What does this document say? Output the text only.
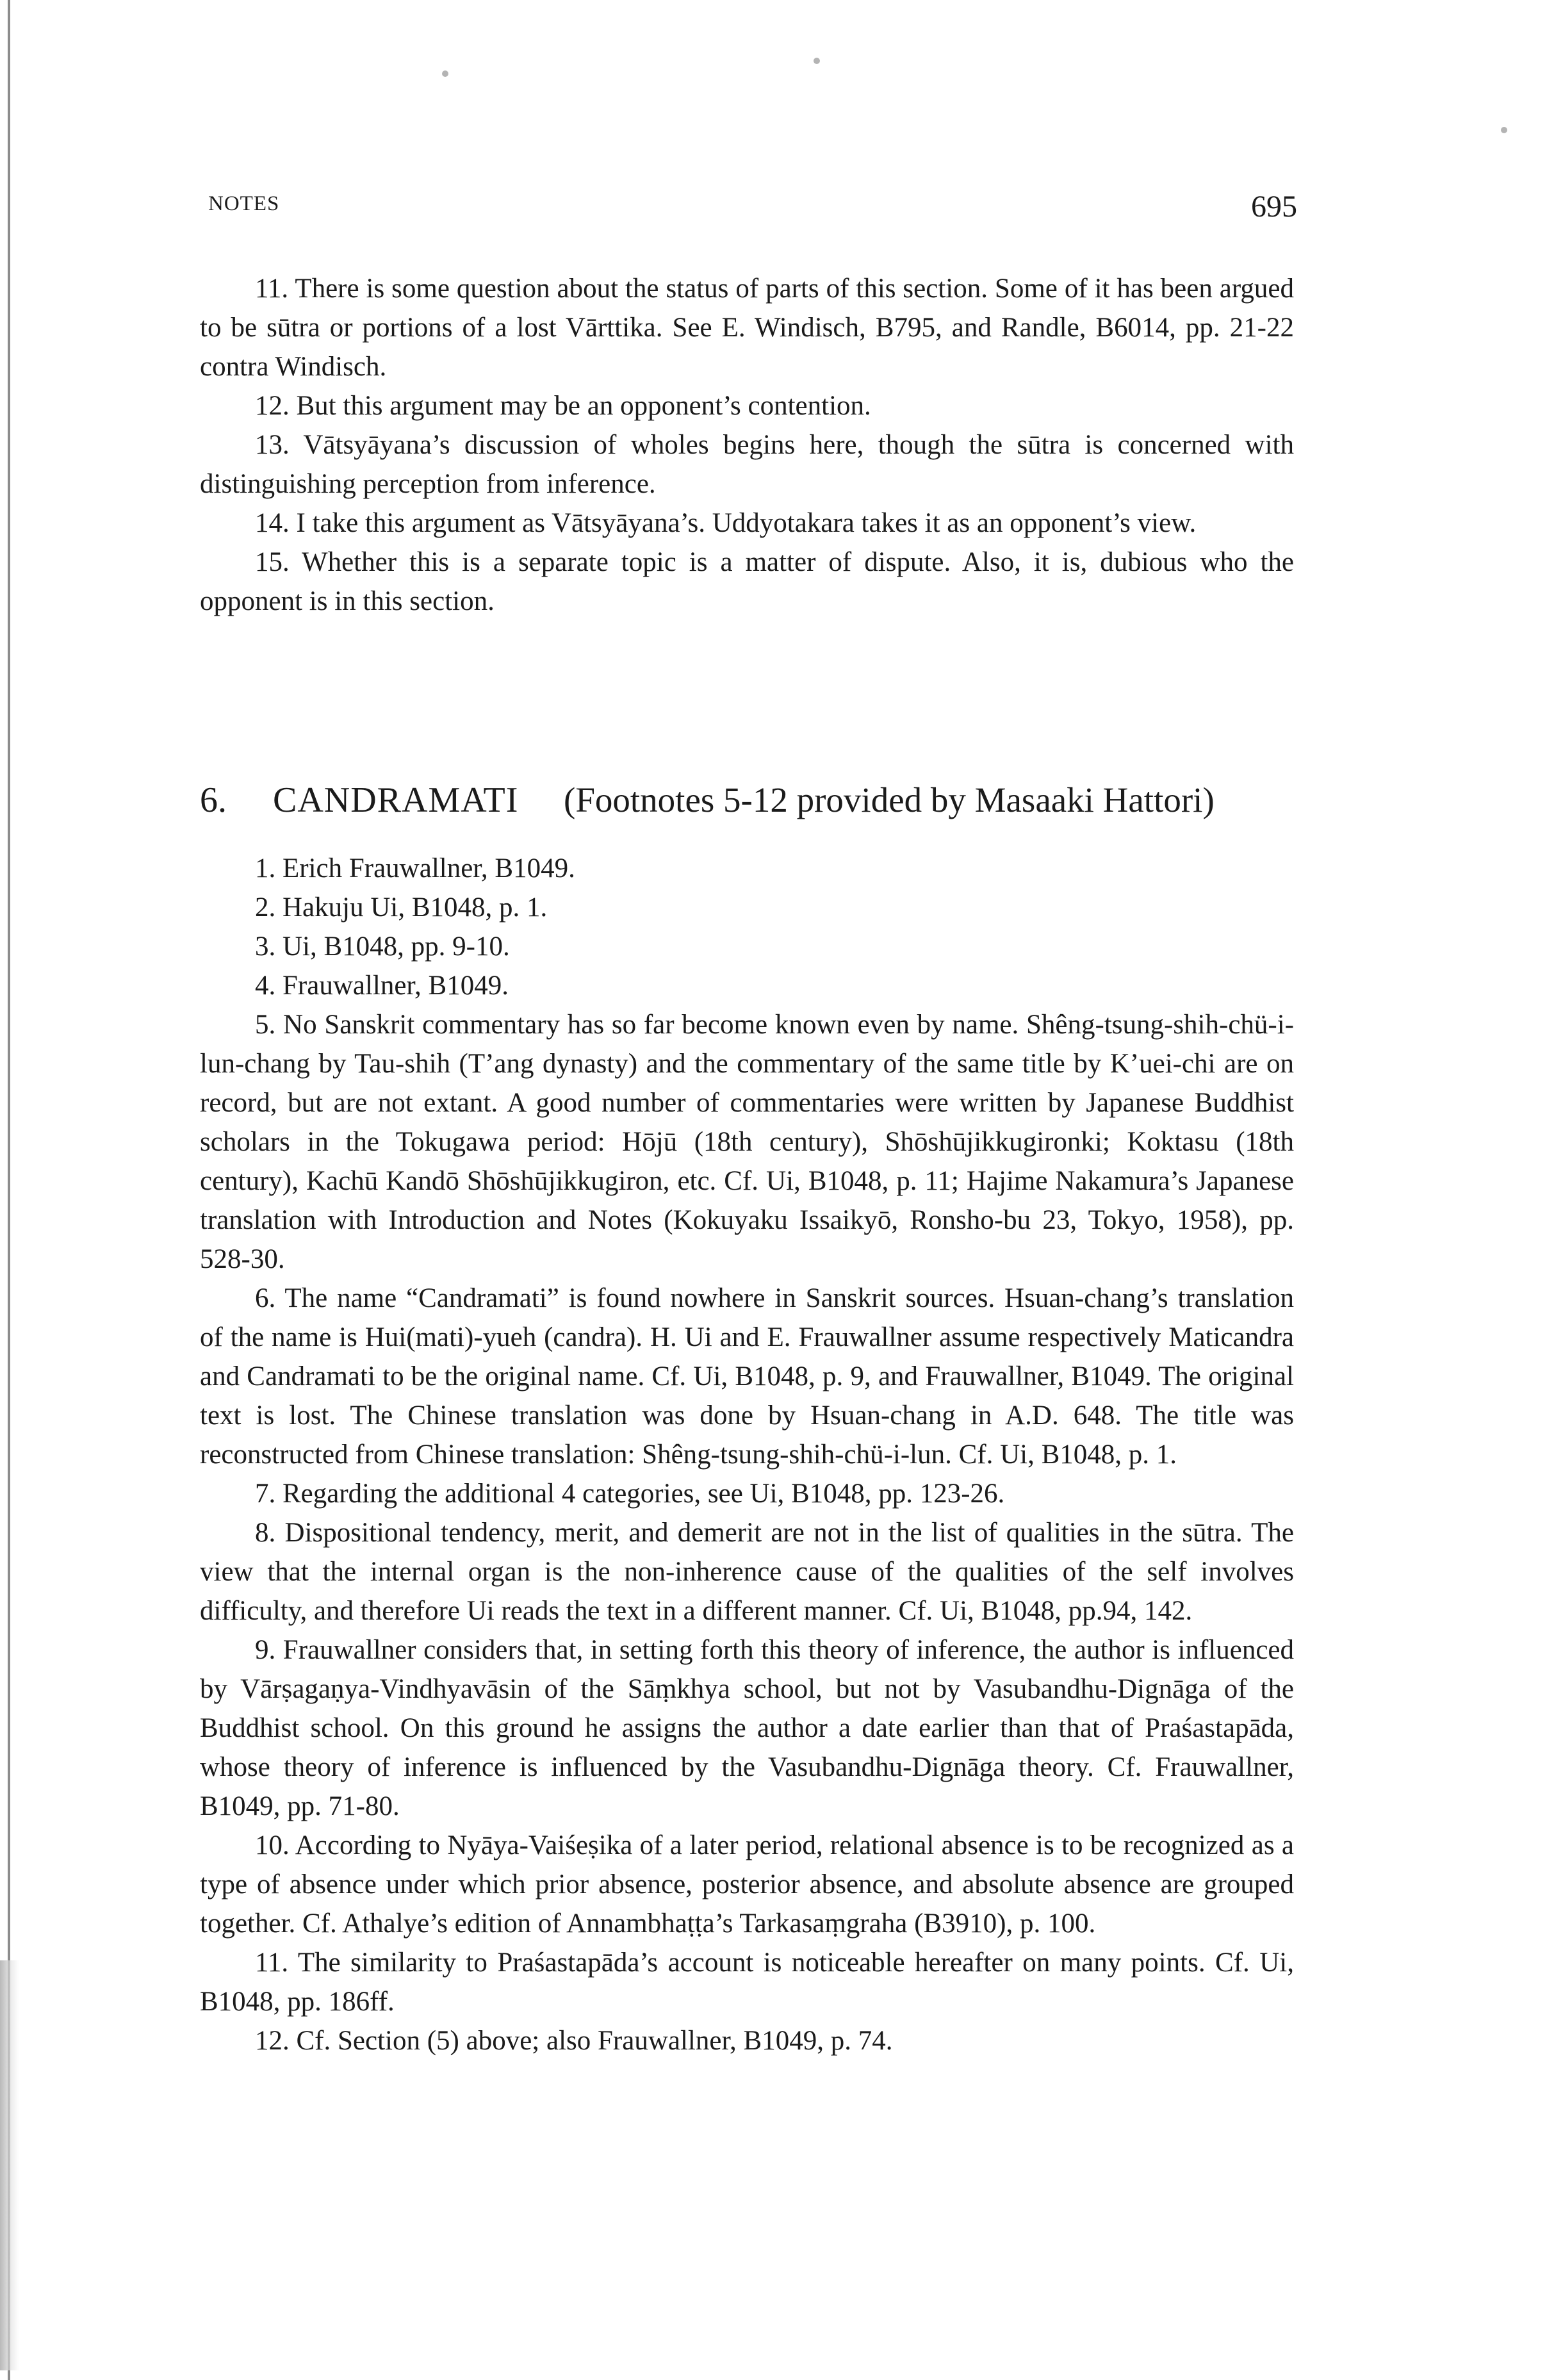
NOTES	695

11. There is some question about the status of parts of this section. Some of it has been argued to be sūtra or portions of a lost Vārttika. See E. Windisch, B795, and Randle, B6014, pp. 21-22 contra Windisch.

12. But this argument may be an opponent’s contention.

13. Vātsyāyana’s discussion of wholes begins here, though the sūtra is concerned with distinguishing perception from inference.

14. I take this argument as Vātsyāyana’s. Uddyotakara takes it as an opponent’s view.

15. Whether this is a separate topic is a matter of dispute. Also, it is, dubious who the opponent is in this section.

6. CANDRAMATI (Footnotes 5-12 provided by Masaaki Hattori)

1. Erich Frauwallner, B1049.

2. Hakuju Ui, B1048, p. 1.

3. Ui, B1048, pp. 9-10.

4. Frauwallner, B1049.

5. No Sanskrit commentary has so far become known even by name. Shêng-tsung-shih-chü-i-lun-chang by Tau-shih (T’ang dynasty) and the commentary of the same title by K’uei-chi are on record, but are not extant. A good number of commentaries were written by Japanese Buddhist scholars in the Tokugawa period: Hōjū (18th century), Shōshūjikkugironki; Koktasu (18th century), Kachū Kandō Shōshūjikkugiron, etc. Cf. Ui, B1048, p. 11; Hajime Nakamura’s Japanese translation with Introduction and Notes (Kokuyaku Issaikyō, Ronsho-bu 23, Tokyo, 1958), pp. 528-30.

6. The name “Candramati” is found nowhere in Sanskrit sources. Hsuan-chang’s translation of the name is Hui(mati)-yueh (candra). H. Ui and E. Frauwallner assume respectively Maticandra and Candramati to be the original name. Cf. Ui, B1048, p. 9, and Frauwallner, B1049. The original text is lost. The Chinese translation was done by Hsuan-chang in A.D. 648. The title was reconstructed from Chinese translation: Shêng-tsung-shih-chü-i-lun. Cf. Ui, B1048, p. 1.

7. Regarding the additional 4 categories, see Ui, B1048, pp. 123-26.

8. Dispositional tendency, merit, and demerit are not in the list of qualities in the sūtra. The view that the internal organ is the non-inherence cause of the qualities of the self involves difficulty, and therefore Ui reads the text in a different manner. Cf. Ui, B1048, pp.94, 142.

9. Frauwallner considers that, in setting forth this theory of inference, the author is influenced by Vārṣagaṇya-Vindhyavāsin of the Sāṃkhya school, but not by Vasubandhu-Dignāga of the Buddhist school. On this ground he assigns the author a date earlier than that of Praśastapāda, whose theory of inference is influenced by the Vasubandhu-Dignāga theory. Cf. Frauwallner, B1049, pp. 71-80.

10. According to Nyāya-Vaiśeṣika of a later period, relational absence is to be recognized as a type of absence under which prior absence, posterior absence, and absolute absence are grouped together. Cf. Athalye’s edition of Annambhaṭṭa’s Tarkasaṃgraha (B3910), p. 100.

11. The similarity to Praśastapāda’s account is noticeable hereafter on many points. Cf. Ui, B1048, pp. 186ff.

12. Cf. Section (5) above; also Frauwallner, B1049, p. 74.
